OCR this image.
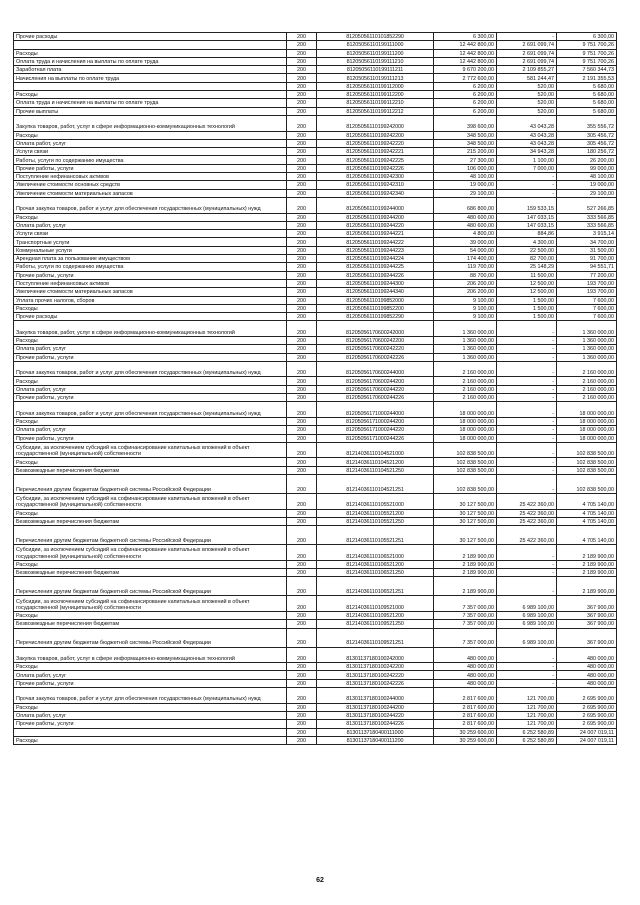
Прочие расходы	200	81205056110101852290	6 300,00	-	6 300,00
	200	81205056110199111000	12 442 800,00	2 691 099,74	9 751 700,26
Расходы	200	81205056110199111200	12 442 800,00	2 691 099,74	9 751 700,26
Оплата труда и начисления на выплаты по оплате труда	200	81205056110199111210	12 442 800,00	2 691 099,74	9 751 700,26
Заработная плата	200	81205056110199111211	9 670 200,00	2 109 855,27	7 560 344,73
Начисления на выплаты по оплате труда	200	81205056110199111213	2 772 600,00	581 244,47	2 191 355,53
	200	81205056110199112000	6 200,00	520,00	5 680,00
Расходы	200	81205056110199112200	6 200,00	520,00	5 680,00
Оплата труда и начисления на выплаты по оплате труда	200	81205056110199112210	6 200,00	520,00	5 680,00
Прочие выплаты	200	81205056110199112212	6 200,00	520,00	5 680,00
Закупка товаров, работ, услуг в сфере информационно-коммуникационных технологий	200	81205056110199242000	398 600,00	43 043,28	355 556,72
Расходы	200	81205056110199242200	348 500,00	43 043,28	305 456,72
Оплата работ, услуг	200	81205056110199242220	348 500,00	43 043,28	305 456,72
Услуги связи	200	81205056110199242221	215 200,00	34 943,28	180 256,72
Работы, услуги по содержанию имущества	200	81205056110199242225	27 300,00	1 100,00	26 200,00
Прочие работы, услуги	200	81205056110199242226	106 000,00	7 000,00	99 000,00
Поступление нефинансовых активов	200	81205056110199242300	48 100,00	-	48 100,00
Увеличение стоимости основных средств	200	81205056110199242310	19 000,00	-	19 000,00
Увеличение стоимости материальных запасов	200	81205056110199242340	29 100,00	-	29 100,00
Прочая закупка товаров, работ и услуг для обеспечения государственных (муниципальных) нужд	200	81205056110199244000	686 800,00	159 533,15	527 266,85
Расходы	200	81205056110199244200	480 600,00	147 033,15	333 566,85
Оплата работ, услуг	200	81205056110199244220	480 600,00	147 033,15	333 566,85
Услуги связи	200	81205056110199244221	4 800,00	884,86	3 915,14
Транспортные услуги	200	81205056110199244222	39 000,00	4 300,00	34 700,00
Коммунальные услуги	200	81205056110199244223	54 000,00	22 500,00	31 500,00
Арендная плата за пользование имуществом	200	81205056110199244224	174 400,00	82 700,00	91 700,00
Работы, услуги по содержанию имущества	200	81205056110199244225	119 700,00	25 148,29	94 551,71
Прочие работы, услуги	200	81205056110199244226	88 700,00	11 500,00	77 200,00
Поступление нефинансовых активов	200	81205056110199244300	206 200,00	12 500,00	193 700,00
Увеличение стоимости материальных запасов	200	81205056110199244340	206 200,00	12 500,00	193 700,00
Уплата прочих налогов, сборов	200	81205056110199852000	9 100,00	1 500,00	7 600,00
Расходы	200	81205056110199852200	9 100,00	1 500,00	7 600,00
Прочие расходы	200	81205056110199852290	9 100,00	1 500,00	7 600,00
Закупка товаров, работ, услуг в сфере информационно-коммуникационных технологий	200	81205056170600242000	1 360 000,00	-	1 360 000,00
Расходы	200	81205056170600242200	1 360 000,00	-	1 360 000,00
Оплата работ, услуг	200	81205056170600242220	1 360 000,00	-	1 360 000,00
Прочие работы, услуги	200	81205056170600242226	1 360 000,00	-	1 360 000,00
Прочая закупка товаров, работ и услуг для обеспечения государственных (муниципальных) нужд	200	81205056170600244000	2 160 000,00	-	2 160 000,00
Расходы	200	81205056170600244200	2 160 000,00	-	2 160 000,00
Оплата работ, услуг	200	81205056170600244220	2 160 000,00	-	2 160 000,00
Прочие работы, услуги	200	81205056170600244226	2 160 000,00	-	2 160 000,00
Прочая закупка товаров, работ и услуг для обеспечения государственных (муниципальных) нужд	200	81205056171000244000	18 000 000,00	-	18 000 000,00
Расходы	200	81205056171000244200	18 000 000,00	-	18 000 000,00
Оплата работ, услуг	200	81205056171000244220	18 000 000,00	-	18 000 000,00
Прочие работы, услуги	200	81205056171000244226	18 000 000,00	-	18 000 000,00
Субсидии, за исключением субсидий на софинансирование капитальных вложений в объект государственной (муниципальной) собственности	200	81214036110104521000	102 838 500,00	-	102 838 500,00
Расходы	200	81214036110104521200	102 838 500,00	-	102 838 500,00
Безвозмездные перечисления бюджетам	200	81214036110104521250	102 838 500,00	-	102 838 500,00
Перечисления другим бюджетам бюджетной системы Российской Федерации	200	81214036110104521251	102 838 500,00	-	102 838 500,00
Субсидии, за исключением субсидий на софинансирование капитальных вложений в объект государственной (муниципальной) собственности	200	81214036110105521000	30 127 500,00	25 422 360,00	4 705 140,00
Расходы	200	81214036110105521200	30 127 500,00	25 422 360,00	4 705 140,00
Безвозмездные перечисления бюджетам	200	81214036110105521250	30 127 500,00	25 422 360,00	4 705 140,00
Перечисления другим бюджетам бюджетной системы Российской Федерации	200	81214036110105521251	30 127 500,00	25 422 360,00	4 705 140,00
Субсидии, за исключением субсидий на софинансирование капитальных вложений в объект государственной (муниципальной) собственности	200	81214036110106521000	2 189 900,00	-	2 189 900,00
Расходы	200	81214036110106521200	2 189 900,00	-	2 189 900,00
Безвозмездные перечисления бюджетам	200	81214036110106521250	2 189 900,00	-	2 189 900,00
Перечисления другим бюджетам бюджетной системы Российской Федерации	200	81214036110106521251	2 189 900,00	-	2 189 900,00
Субсидии, за исключением субсидий на софинансирование капитальных вложений в объект государственной (муниципальной) собственности	200	81214036110109521000	7 357 000,00	6 989 100,00	367 900,00
Расходы	200	81214036110109521200	7 357 000,00	6 989 100,00	367 900,00
Безвозмездные перечисления бюджетам	200	81214036110109521250	7 357 000,00	6 989 100,00	367 900,00
Перечисления другим бюджетам бюджетной системы Российской Федерации	200	81214036110109521251	7 357 000,00	6 989 100,00	367 900,00
Закупка товаров, работ, услуг в сфере информационно-коммуникационных технологий	200	81301137180100242000	480 000,00	-	480 000,00
Расходы	200	81301137180100242200	480 000,00	-	480 000,00
Оплата работ, услуг	200	81301137180100242220	480 000,00	-	480 000,00
Прочие работы, услуги	200	81301137180100242226	480 000,00	-	480 000,00
Прочая закупка товаров, работ и услуг для обеспечения государственных (муниципальных) нужд	200	81301137180100244000	2 817 600,00	121 700,00	2 695 900,00
Расходы	200	81301137180100244200	2 817 600,00	121 700,00	2 695 900,00
Оплата работ, услуг	200	81301137180100244220	2 817 600,00	121 700,00	2 695 900,00
Прочие работы, услуги	200	81301137180100244226	2 817 600,00	121 700,00	2 695 900,00
	200	81301137180400111000	30 259 600,00	6 252 580,89	24 007 019,11
Расходы	200	81301137180400111200	30 259 600,00	6 252 580,89	24 007 019,11
62
